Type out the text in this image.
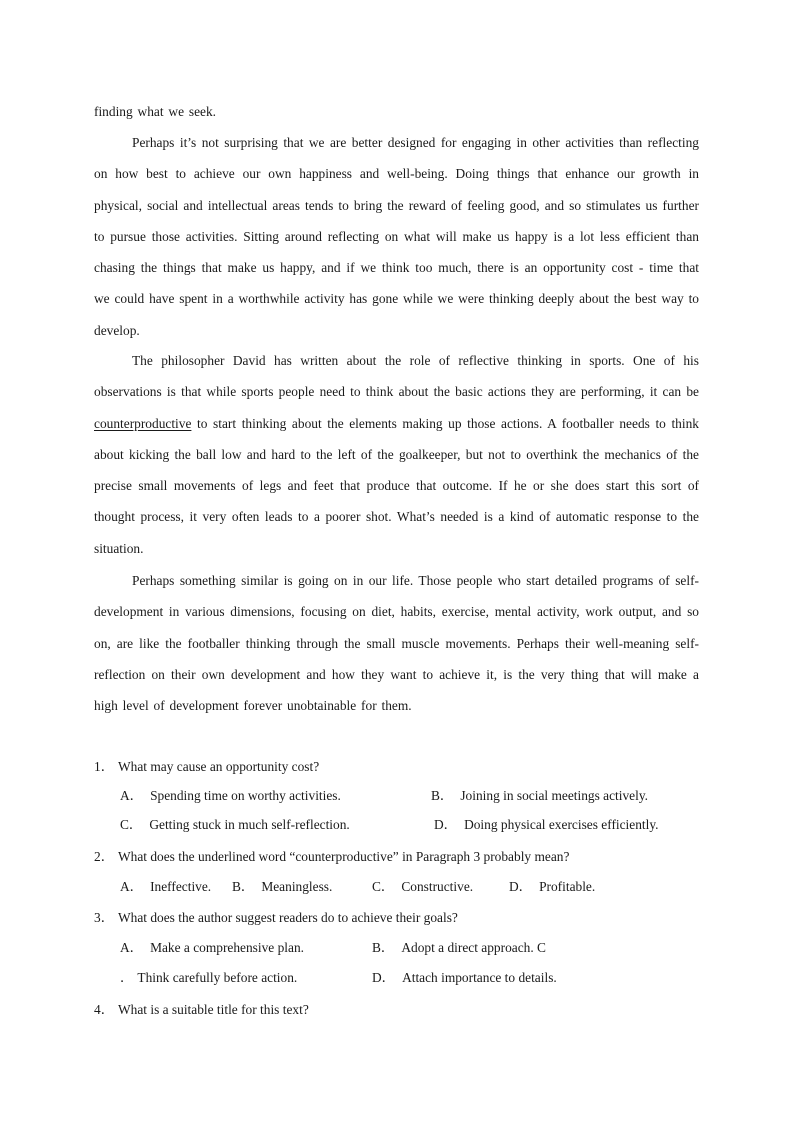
finding what we seek.

Perhaps it’s not surprising that we are better designed for engaging in other activities than reflecting on how best to achieve our own happiness and well-being. Doing things that enhance our growth in physical, social and intellectual areas tends to bring the reward of feeling good, and so stimulates us further to pursue those activities. Sitting around reflecting on what will make us happy is a lot less efficient than chasing the things that make us happy, and if we think too much, there is an opportunity cost - time that we could have spent in a worthwhile activity has gone while we were thinking deeply about the best way to develop.

The philosopher David has written about the role of reflective thinking in sports. One of his observations is that while sports people need to think about the basic actions they are performing, it can be counterproductive to start thinking about the elements making up those actions. A footballer needs to think about kicking the ball low and hard to the left of the goalkeeper, but not to overthink the mechanics of the precise small movements of legs and feet that produce that outcome. If he or she does start this sort of thought process, it very often leads to a poorer shot. What’s needed is a kind of automatic response to the situation.

Perhaps something similar is going on in our life. Those people who start detailed programs of self-development in various dimensions, focusing on diet, habits, exercise, mental activity, work output, and so on, are like the footballer thinking through the small muscle movements. Perhaps their well-meaning self-reflection on their own development and how they want to achieve it, is the very thing that will make a high level of development forever unobtainable for them.

1． What may cause an opportunity cost?
A． Spending time on worthy activities.	B． Joining in social meetings actively.
C． Getting stuck in much self-reflection.	D． Doing physical exercises efficiently.
2． What does the underlined word “counterproductive” in Paragraph 3 probably mean?
A． Ineffective. B． Meaningless.	C． Constructive.	D． Profitable.
3． What does the author suggest readers do to achieve their goals?
A． Make a comprehensive plan.	B． Adopt a direct approach. C
． Think carefully before action.	D． Attach importance to details.
4． What is a suitable title for this text?
